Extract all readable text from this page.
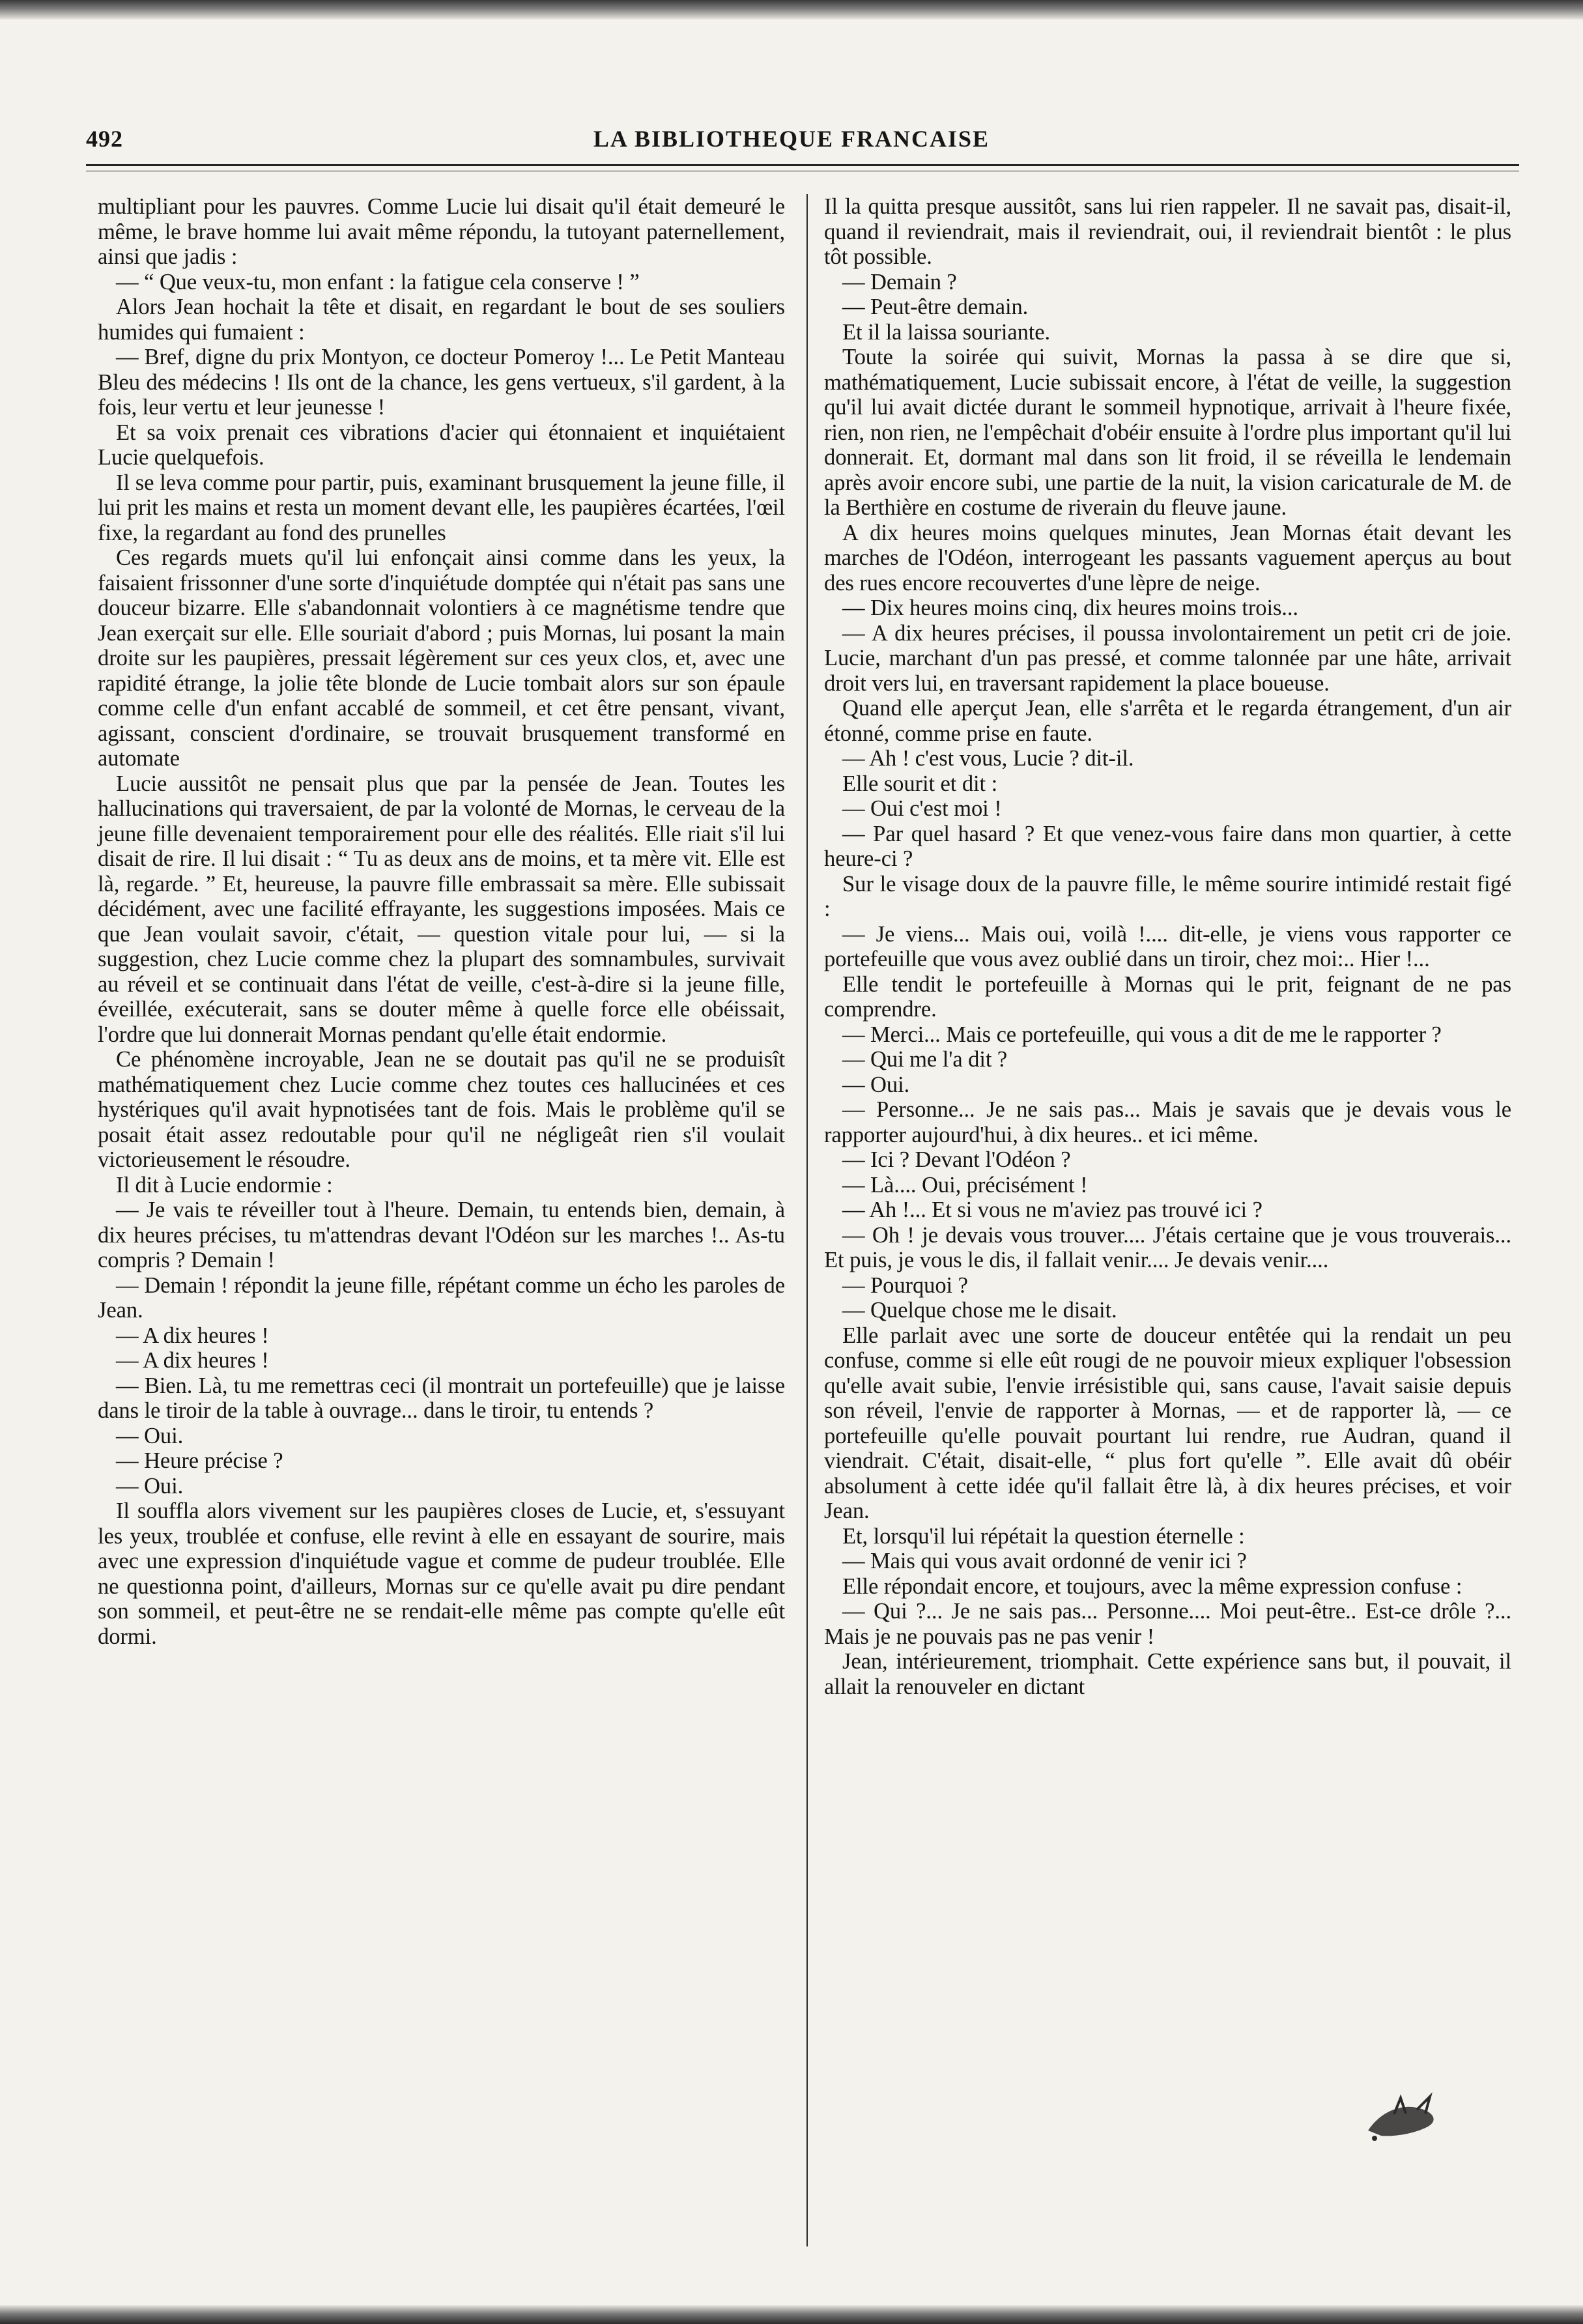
492	LA BIBLIOTHEQUE FRANCAISE

multipliant pour les pauvres. Comme Lucie lui disait qu'il était demeuré le même, le brave homme lui avait même répondu, la tutoyant paternellement, ainsi que jadis :

— “ Que veux-tu, mon enfant : la fatigue cela conserve ! ”

Alors Jean hochait la tête et disait, en regardant le bout de ses souliers humides qui fumaient :

— Bref, digne du prix Montyon, ce docteur Pomeroy !... Le Petit Manteau Bleu des médecins ! Ils ont de la chance, les gens vertueux, s'il gardent, à la fois, leur vertu et leur jeunesse !

Et sa voix prenait ces vibrations d'acier qui étonnaient et inquiétaient Lucie quelquefois.

Il se leva comme pour partir, puis, examinant brusquement la jeune fille, il lui prit les mains et resta un moment devant elle, les paupières écartées, l'œil fixe, la regardant au fond des prunelles

Ces regards muets qu'il lui enfonçait ainsi comme dans les yeux, la faisaient frissonner d'une sorte d'inquiétude domptée qui n'était pas sans une douceur bizarre. Elle s'abandonnait volontiers à ce magnétisme tendre que Jean exerçait sur elle. Elle souriait d'abord ; puis Mornas, lui posant la main droite sur les paupières, pressait légèrement sur ces yeux clos, et, avec une rapidité étrange, la jolie tête blonde de Lucie tombait alors sur son épaule comme celle d'un enfant accablé de sommeil, et cet être pensant, vivant, agissant, conscient d'ordinaire, se trouvait brusquement transformé en automate

Lucie aussitôt ne pensait plus que par la pensée de Jean. Toutes les hallucinations qui traversaient, de par la volonté de Mornas, le cerveau de la jeune fille devenaient temporairement pour elle des réalités. Elle riait s'il lui disait de rire. Il lui disait : “ Tu as deux ans de moins, et ta mère vit. Elle est là, regarde. ” Et, heureuse, la pauvre fille embrassait sa mère. Elle subissait décidément, avec une facilité effrayante, les suggestions imposées. Mais ce que Jean voulait savoir, c'était, — question vitale pour lui, — si la suggestion, chez Lucie comme chez la plupart des somnambules, survivait au réveil et se continuait dans l'état de veille, c'est-à-dire si la jeune fille, éveillée, exécuterait, sans se douter même à quelle force elle obéissait, l'ordre que lui donnerait Mornas pendant qu'elle était endormie.

Ce phénomène incroyable, Jean ne se doutait pas qu'il ne se produisît mathématiquement chez Lucie comme chez toutes ces hallucinées et ces hystériques qu'il avait hypnotisées tant de fois. Mais le problème qu'il se posait était assez redoutable pour qu'il ne négligeât rien s'il voulait victorieusement le résoudre.

Il dit à Lucie endormie :

— Je vais te réveiller tout à l'heure. Demain, tu entends bien, demain, à dix heures précises, tu m'attendras devant l'Odéon sur les marches !.. As-tu compris ? Demain !

— Demain ! répondit la jeune fille, répétant comme un écho les paroles de Jean.

— A dix heures !

— A dix heures !

— Bien. Là, tu me remettras ceci (il montrait un portefeuille) que je laisse dans le tiroir de la table à ouvrage... dans le tiroir, tu entends ?

— Oui.

— Heure précise ?

— Oui.

Il souffla alors vivement sur les paupières closes de Lucie, et, s'essuyant les yeux, troublée et confuse, elle revint à elle en essayant de sourire, mais avec une expression d'inquiétude vague et comme de pudeur troublée. Elle ne questionna point, d'ailleurs, Mornas sur ce qu'elle avait pu dire pendant son sommeil, et peut-être ne se rendait-elle même pas compte qu'elle eût dormi.

Il la quitta presque aussitôt, sans lui rien rappeler. Il ne savait pas, disait-il, quand il reviendrait, mais il reviendrait, oui, il reviendrait bientôt : le plus tôt possible.

— Demain ?

— Peut-être demain.

Et il la laissa souriante.

Toute la soirée qui suivit, Mornas la passa à se dire que si, mathématiquement, Lucie subissait encore, à l'état de veille, la suggestion qu'il lui avait dictée durant le sommeil hypnotique, arrivait à l'heure fixée, rien, non rien, ne l'empêchait d'obéir ensuite à l'ordre plus important qu'il lui donnerait. Et, dormant mal dans son lit froid, il se réveilla le lendemain après avoir encore subi, une partie de la nuit, la vision caricaturale de M. de la Berthière en costume de riverain du fleuve jaune.

A dix heures moins quelques minutes, Jean Mornas était devant les marches de l'Odéon, interrogeant les passants vaguement aperçus au bout des rues encore recouvertes d'une lèpre de neige.

— Dix heures moins cinq, dix heures moins trois...

— A dix heures précises, il poussa involontairement un petit cri de joie. Lucie, marchant d'un pas pressé, et comme talonnée par une hâte, arrivait droit vers lui, en traversant rapidement la place boueuse.

Quand elle aperçut Jean, elle s'arrêta et le regarda étrangement, d'un air étonné, comme prise en faute.

— Ah ! c'est vous, Lucie ? dit-il.

Elle sourit et dit :

— Oui c'est moi !

— Par quel hasard ? Et que venez-vous faire dans mon quartier, à cette heure-ci ?

Sur le visage doux de la pauvre fille, le même sourire intimidé restait figé :

— Je viens... Mais oui, voilà !.... dit-elle, je viens vous rapporter ce portefeuille que vous avez oublié dans un tiroir, chez moi:.. Hier !...

Elle tendit le portefeuille à Mornas qui le prit, feignant de ne pas comprendre.

— Merci... Mais ce portefeuille, qui vous a dit de me le rapporter ?

— Qui me l'a dit ?

— Oui.

— Personne... Je ne sais pas... Mais je savais que je devais vous le rapporter aujourd'hui, à dix heures.. et ici même.

— Ici ? Devant l'Odéon ?

— Là.... Oui, précisément !

— Ah !... Et si vous ne m'aviez pas trouvé ici ?

— Oh ! je devais vous trouver.... J'étais certaine que je vous trouverais... Et puis, je vous le dis, il fallait venir.... Je devais venir....

— Pourquoi ?

— Quelque chose me le disait.

Elle parlait avec une sorte de douceur entêtée qui la rendait un peu confuse, comme si elle eût rougi de ne pouvoir mieux expliquer l'obsession qu'elle avait subie, l'envie irrésistible qui, sans cause, l'avait saisie depuis son réveil, l'envie de rapporter à Mornas, — et de rapporter là, — ce portefeuille qu'elle pouvait pourtant lui rendre, rue Audran, quand il viendrait. C'était, disait-elle, “ plus fort qu'elle ”. Elle avait dû obéir absolument à cette idée qu'il fallait être là, à dix heures précises, et voir Jean.

Et, lorsqu'il lui répétait la question éternelle :

— Mais qui vous avait ordonné de venir ici ?

Elle répondait encore, et toujours, avec la même expression confuse :

— Qui ?... Je ne sais pas... Personne.... Moi peut-être.. Est-ce drôle ?... Mais je ne pouvais pas ne pas venir !

Jean, intérieurement, triomphait. Cette expérience sans but, il pouvait, il allait la renouveler en dictant
